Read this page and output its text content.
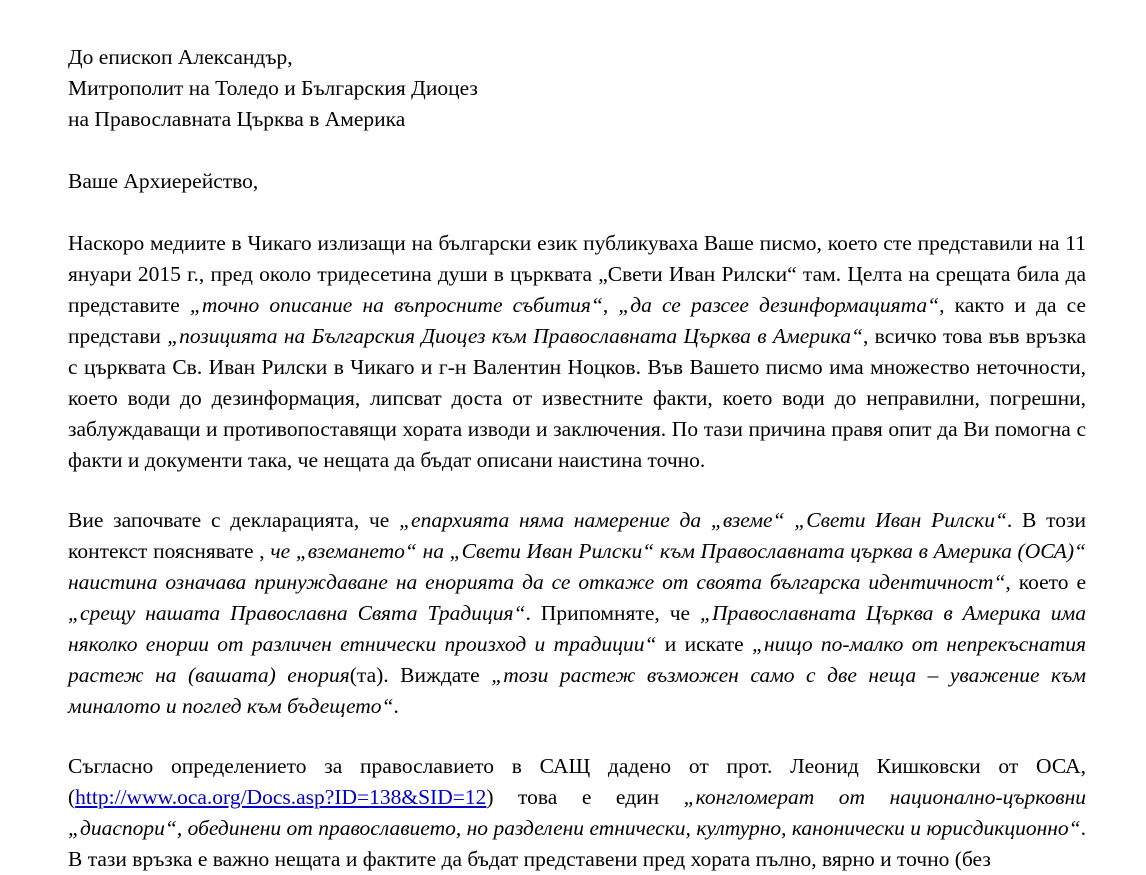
До епископ Александър,

Митрополит на Толедо и Българския Диоцез

на Православната Църква в Америка

Ваше Архиерейство,

Наскоро медиите в Чикаго излизащи на български език публикуваха Ваше писмо, което сте представили на 11 януари 2015 г., пред около тридесетина души в църквата „Свети Иван Рилски“ там. Целта на срещата била да представите „точно описание на въпросните събития“, „да се разсее дезинформацията“, както и да се представи „позицията на Българския Диоцез към Православната Църква в Америка“, всичко това във връзка с църквата Св. Иван Рилски в Чикаго и г-н Валентин Ноцков. Във Вашето писмо има множество неточности, което води до дезинформация, липсват доста от известните факти, което води до неправилни, погрешни, заблуждаващи и противопоставящи хората изводи и заключения. По тази причина правя опит да Ви помогна с факти и документи така, че нещата да бъдат описани наистина точно.

Вие започвате с декларацията, че „епархията няма намерение да „вземе“ „Свети Иван Рилски“. В този контекст пояснявате , че „вземането“ на „Свети Иван Рилски“ към Православната църква в Америка (ОСА)“ наистина означава принуждаване на енорията да се откаже от своята българска идентичност“, което е „срещу нашата Православна Свята Традиция“. Припомняте, че „Православната Църква в Америка има няколко енории от различен етнически произход и традиции“ и искате „нищо по-малко от непрекъснатия растеж на (вашата) енория(та). Виждате „този растеж възможен само с две неща – уважение към миналото и поглед към бъдещето“.

Съгласно определението за православието в САЩ дадено от прот. Леонид Кишковски от ОСА, (http://www.oca.org/Docs.asp?ID=138&SID=12) това е един „конгломерат от национално-църковни „диаспори“, обединени от православието, но разделени етнически, културно, канонически и юрисдикционно“. В тази връзка е важно нещата и фактите да бъдат представени пред хората пълно, вярно и точно (без
